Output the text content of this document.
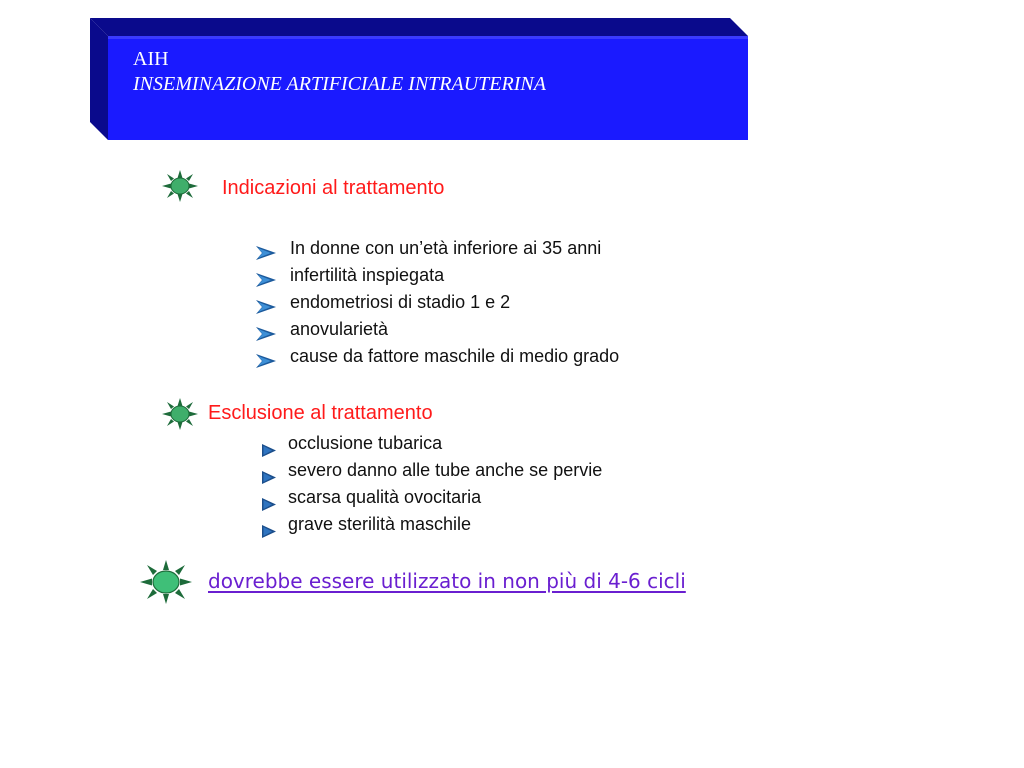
AIH
INSEMINAZIONE ARTIFICIALE INTRAUTERINA
Indicazioni al trattamento
In donne con un’età inferiore ai 35 anni
infertilità inspiegata
endometriosi di stadio 1 e 2
anovularietà
cause da fattore maschile di medio grado
Esclusione al trattamento
occlusione tubarica
severo danno alle tube anche se pervie
scarsa qualità ovocitaria
grave sterilità maschile
dovrebbe essere utilizzato in non più di 4-6 cicli
